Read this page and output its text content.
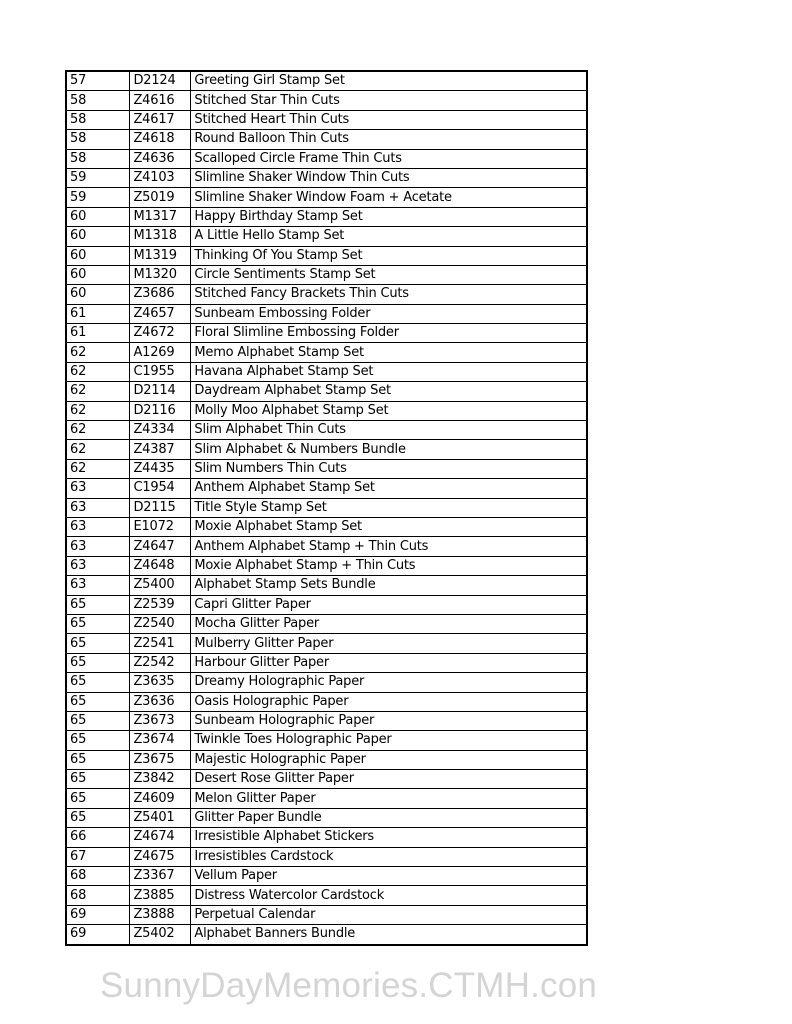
57	D2124	Greeting Girl Stamp Set
58	Z4616	Stitched Star Thin Cuts
58	Z4617	Stitched Heart Thin Cuts
58	Z4618	Round Balloon Thin Cuts
58	Z4636	Scalloped Circle Frame Thin Cuts
59	Z4103	Slimline Shaker Window Thin Cuts
59	Z5019	Slimline Shaker Window Foam + Acetate
60	M1317	Happy Birthday Stamp Set
60	M1318	A Little Hello Stamp Set
60	M1319	Thinking Of You Stamp Set
60	M1320	Circle Sentiments Stamp Set
60	Z3686	Stitched Fancy Brackets Thin Cuts
61	Z4657	Sunbeam Embossing Folder
61	Z4672	Floral Slimline Embossing Folder
62	A1269	Memo Alphabet Stamp Set
62	C1955	Havana Alphabet Stamp Set
62	D2114	Daydream Alphabet Stamp Set
62	D2116	Molly Moo Alphabet Stamp Set
62	Z4334	Slim Alphabet Thin Cuts
62	Z4387	Slim Alphabet & Numbers Bundle
62	Z4435	Slim Numbers Thin Cuts
63	C1954	Anthem Alphabet Stamp Set
63	D2115	Title Style Stamp Set
63	E1072	Moxie Alphabet Stamp Set
63	Z4647	Anthem Alphabet Stamp + Thin Cuts
63	Z4648	Moxie Alphabet Stamp + Thin Cuts
63	Z5400	Alphabet Stamp Sets Bundle
65	Z2539	Capri Glitter Paper
65	Z2540	Mocha Glitter Paper
65	Z2541	Mulberry Glitter Paper
65	Z2542	Harbour Glitter Paper
65	Z3635	Dreamy Holographic Paper
65	Z3636	Oasis Holographic Paper
65	Z3673	Sunbeam Holographic Paper
65	Z3674	Twinkle Toes Holographic Paper
65	Z3675	Majestic Holographic Paper
65	Z3842	Desert Rose Glitter Paper
65	Z4609	Melon Glitter Paper
65	Z5401	Glitter Paper Bundle
66	Z4674	Irresistible Alphabet Stickers
67	Z4675	Irresistibles Cardstock
68	Z3367	Vellum Paper
68	Z3885	Distress Watercolor Cardstock
69	Z3888	Perpetual Calendar
69	Z5402	Alphabet Banners Bundle
SunnyDayMemories.CTMH.con
